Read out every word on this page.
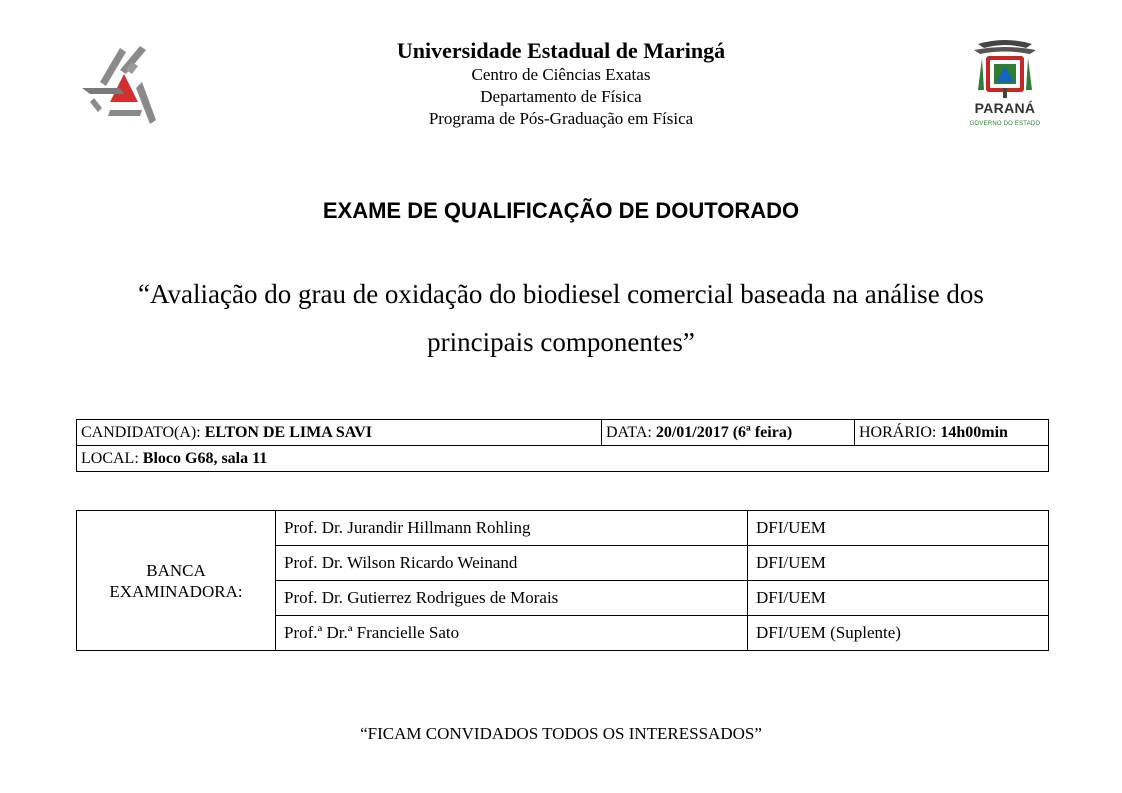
Universidade Estadual de Maringá
Centro de Ciências Exatas
Departamento de Física
Programa de Pós-Graduação em Física
PARANÁ
GOVERNO DO ESTADO
EXAME DE QUALIFICAÇÃO DE DOUTORADO
“Avaliação do grau de oxidação do biodiesel comercial baseada na análise dos
principais componentes”
CANDIDATO(A): ELTON DE LIMA SAVI	DATA: 20/01/2017 (6ª feira)	HORÁRIO: 14h00min
LOCAL: Bloco G68, sala 11
BANCA
EXAMINADORA:	Prof. Dr. Jurandir Hillmann Rohling	DFI/UEM
	Prof. Dr. Wilson Ricardo Weinand	DFI/UEM
	Prof. Dr. Gutierrez Rodrigues de Morais	DFI/UEM
	Prof.ª Dr.ª Francielle Sato	DFI/UEM (Suplente)
“FICAM CONVIDADOS TODOS OS INTERESSADOS”
